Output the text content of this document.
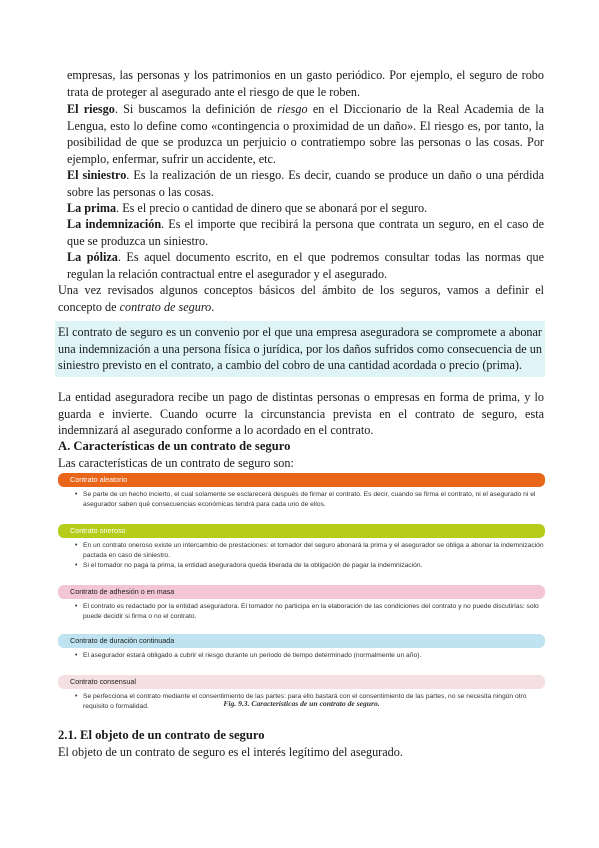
empresas, las personas y los patrimonios en un gasto periódico. Por ejemplo, el seguro de robo trata de proteger al asegurado ante el riesgo de que le roben.

El riesgo. Si buscamos la definición de riesgo en el Diccionario de la Real Academia de la Lengua, esto lo define como «contingencia o proximidad de un daño». El riesgo es, por tanto, la posibilidad de que se produzca un perjuicio o contratiempo sobre las personas o las cosas. Por ejemplo, enfermar, sufrir un accidente, etc.

El siniestro. Es la realización de un riesgo. Es decir, cuando se produce un daño o una pérdida sobre las personas o las cosas.

La prima. Es el precio o cantidad de dinero que se abonará por el seguro.

La indemnización. Es el importe que recibirá la persona que contrata un seguro, en el caso de que se produzca un siniestro.

La póliza. Es aquel documento escrito, en el que podremos consultar todas las normas que regulan la relación contractual entre el asegurador y el asegurado.

Una vez revisados algunos conceptos básicos del ámbito de los seguros, vamos a definir el concepto de contrato de seguro.

El contrato de seguro es un convenio por el que una empresa aseguradora se compromete a abonar una indemnización a una persona física o jurídica, por los daños sufridos como consecuencia de un siniestro previsto en el contrato, a cambio del cobro de una cantidad acordada o precio (prima).

La entidad aseguradora recibe un pago de distintas personas o empresas en forma de prima, y lo guarda e invierte. Cuando ocurre la circunstancia prevista en el contrato de seguro, esta indemnizará al asegurado conforme a lo acordado en el contrato.

A. Características de un contrato de seguro

Las características de un contrato de seguro son:

Contrato aleatorio
• Se parte de un hecho incierto, el cual solamente se esclarecerá después de firmar el contrato. Es decir, cuando se firma el contrato, ni el asegurado ni el asegurador saben qué consecuencias económicas tendrá para cada uno de ellos.
Contrato oneroso
• En un contrato oneroso existe un intercambio de prestaciones: el tomador del seguro abonará la prima y el asegurador se obliga a abonar la indemnización pactada en caso de siniestro.
• Si el tomador no paga la prima, la entidad aseguradora queda liberada de la obligación de pagar la indemnización.
Contrato de adhesión o en masa
• El contrato es redactado por la entidad aseguradora. El tomador no participa en la elaboración de las condiciones del contrato y no puede discutirlas: solo puede decidir si firma o no el contrato.
Contrato de duración continuada
• El asegurador estará obligado a cubrir el riesgo durante un periodo de tiempo determinado (normalmente un año).
Contrato consensual
• Se perfecciona el contrato mediante el consentimiento de las partes: para ello bastará con el consentimiento de las partes, no se necesita ningún otro requisito o formalidad.	Fig. 9.3. Características de un contrato de seguro.

2.1. El objeto de un contrato de seguro

El objeto de un contrato de seguro es el interés legítimo del asegurado.
